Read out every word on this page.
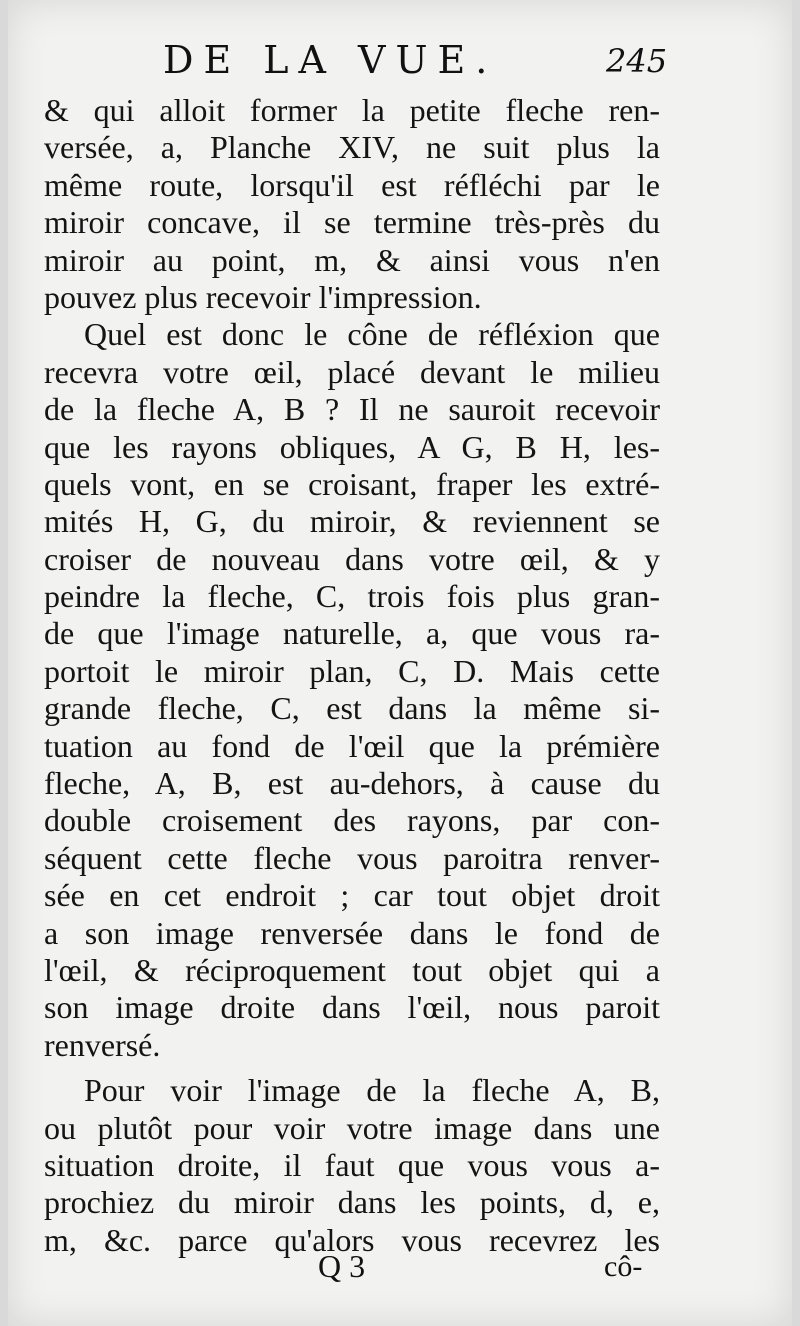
DE LA VUE.	245
& qui alloit former la petite fleche ren-
versée, a, Planche XIV, ne suit plus la
même route, lorsqu'il est réfléchi par le
miroir concave, il se termine très-près du
miroir au point, m, & ainsi vous n'en
pouvez plus recevoir l'impression.
Quel est donc le cône de réfléxion que
recevra votre œil, placé devant le milieu
de la fleche A, B ? Il ne sauroit recevoir
que les rayons obliques, A G, B H, les-
quels vont, en se croisant, fraper les extré-
mités H, G, du miroir, & reviennent se
croiser de nouveau dans votre œil, & y
peindre la fleche, C, trois fois plus gran-
de que l'image naturelle, a, que vous ra-
portoit le miroir plan, C, D. Mais cette
grande fleche, C, est dans la même si-
tuation au fond de l'œil que la prémière
fleche, A, B, est au-dehors, à cause du
double croisement des rayons, par con-
séquent cette fleche vous paroitra renver-
sée en cet endroit ; car tout objet droit
a son image renversée dans le fond de
l'œil, & réciproquement tout objet qui a
son image droite dans l'œil, nous paroit
renversé.
Pour voir l'image de la fleche A, B,
ou plutôt pour voir votre image dans une
situation droite, il faut que vous vous a-
prochiez du miroir dans les points, d, e,
m, &c. parce qu'alors vous recevrez les
Q 3	cô-
